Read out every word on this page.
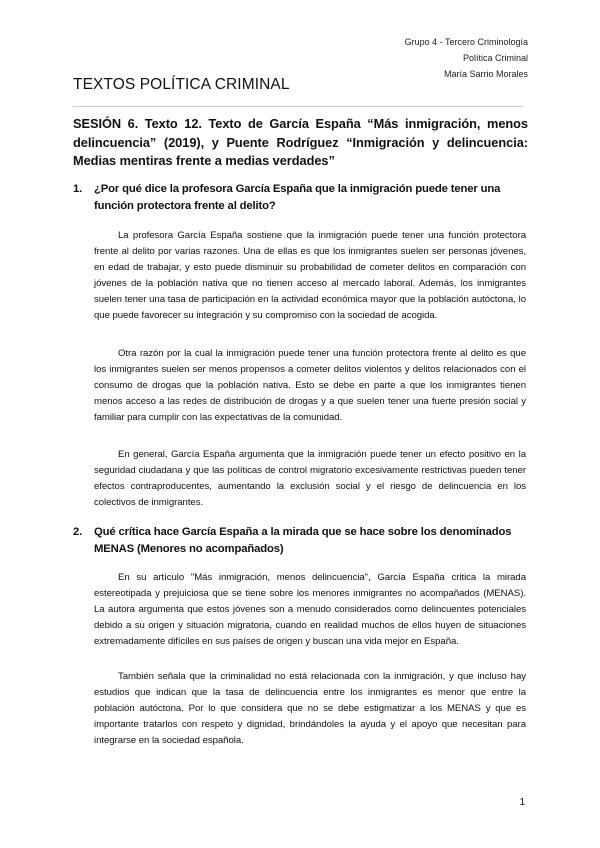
Grupo 4 - Tercero Criminología
Política Criminal
María Sarrio Morales
TEXTOS POLÍTICA CRIMINAL
SESIÓN 6. Texto 12. Texto de García España “Más inmigración, menos delincuencia” (2019), y Puente Rodríguez “Inmigración y delincuencia: Medias mentiras frente a medias verdades”
1. ¿Por qué dice la profesora García España que la inmigración puede tener una función protectora frente al delito?

La profesora García España sostiene que la inmigración puede tener una función protectora frente al delito por varias razones. Una de ellas es que los inmigrantes suelen ser personas jóvenes, en edad de trabajar, y esto puede disminuir su probabilidad de cometer delitos en comparación con jóvenes de la población nativa que no tienen acceso al mercado laboral. Además, los inmigrantes suelen tener una tasa de participación en la actividad económica mayor que la población autóctona, lo que puede favorecer su integración y su compromiso con la sociedad de acogida.

Otra razón por la cual la inmigración puede tener una función protectora frente al delito es que los inmigrantes suelen ser menos propensos a cometer delitos violentos y delitos relacionados con el consumo de drogas que la población nativa. Esto se debe en parte a que los inmigrantes tienen menos acceso a las redes de distribución de drogas y a que suelen tener una fuerte presión social y familiar para cumplir con las expectativas de la comunidad.

En general, García España argumenta que la inmigración puede tener un efecto positivo en la seguridad ciudadana y que las políticas de control migratorio excesivamente restrictivas pueden tener efectos contraproducentes, aumentando la exclusión social y el riesgo de delincuencia en los colectivos de inmigrantes.

2. Qué crítica hace García España a la mirada que se hace sobre los denominados MENAS (Menores no acompañados)

En su artículo "Más inmigración, menos delincuencia", García España critica la mirada estereotipada y prejuiciosa que se tiene sobre los menores inmigrantes no acompañados (MENAS). La autora argumenta que estos jóvenes son a menudo considerados como delincuentes potenciales debido a su origen y situación migratoria, cuando en realidad muchos de ellos huyen de situaciones extremadamente difíciles en sus países de origen y buscan una vida mejor en España.

También señala que la criminalidad no está relacionada con la inmigración, y que incluso hay estudios que indican que la tasa de delincuencia entre los inmigrantes es menor que entre la población autóctona. Por lo que considera que no se debe estigmatizar a los MENAS y que es importante tratarlos con respeto y dignidad, brindándoles la ayuda y el apoyo que necesitan para integrarse en la sociedad española.

1
